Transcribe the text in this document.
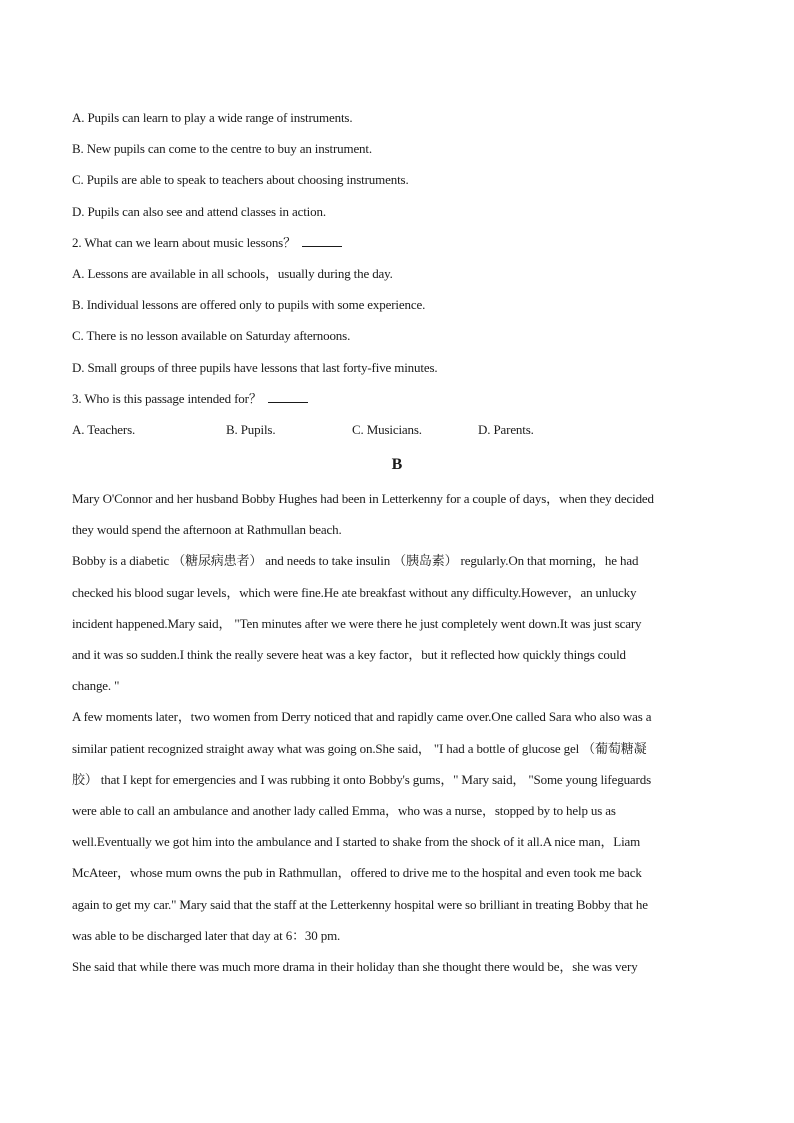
A. Pupils can learn to play a wide range of instruments.
B. New pupils can come to the centre to buy an instrument.
C. Pupils are able to speak to teachers about choosing instruments.
D. Pupils can also see and attend classes in action.
2. What can we learn about music lessons？
A. Lessons are available in all schools，usually during the day.
B. Individual lessons are offered only to pupils with some experience.
C. There is no lesson available on Saturday afternoons.
D. Small groups of three pupils have lessons that last forty-five minutes.
3. Who is this passage intended for？
A. Teachers.	B. Pupils.	C. Musicians.	D. Parents.
B
Mary O'Connor and her husband Bobby Hughes had been in Letterkenny for a couple of days，when they decided
they would spend the afternoon at Rathmullan beach.
Bobby is a diabetic （糖尿病患者） and needs to take insulin （胰岛素） regularly.On that morning，he had
checked his blood sugar levels，which were fine.He ate breakfast without any difficulty.However，an unlucky
incident happened.Mary said， "Ten minutes after we were there he just completely went down.It was just scary
and it was so sudden.I think the really severe heat was a key factor，but it reflected how quickly things could
change. "
A few moments later，two women from Derry noticed that and rapidly came over.One called Sara who also was a
similar patient recognized straight away what was going on.She said， "I had a bottle of glucose gel （葡萄糖凝
胶） that I kept for emergencies and I was rubbing it onto Bobby's gums，" Mary said， "Some young lifeguards
were able to call an ambulance and another lady called Emma，who was a nurse，stopped by to help us as
well.Eventually we got him into the ambulance and I started to shake from the shock of it all.A nice man，Liam
McAteer，whose mum owns the pub in Rathmullan，offered to drive me to the hospital and even took me back
again to get my car." Mary said that the staff at the Letterkenny hospital were so brilliant in treating Bobby that he
was able to be discharged later that day at 6：30 pm.
She said that while there was much more drama in their holiday than she thought there would be，she was very
